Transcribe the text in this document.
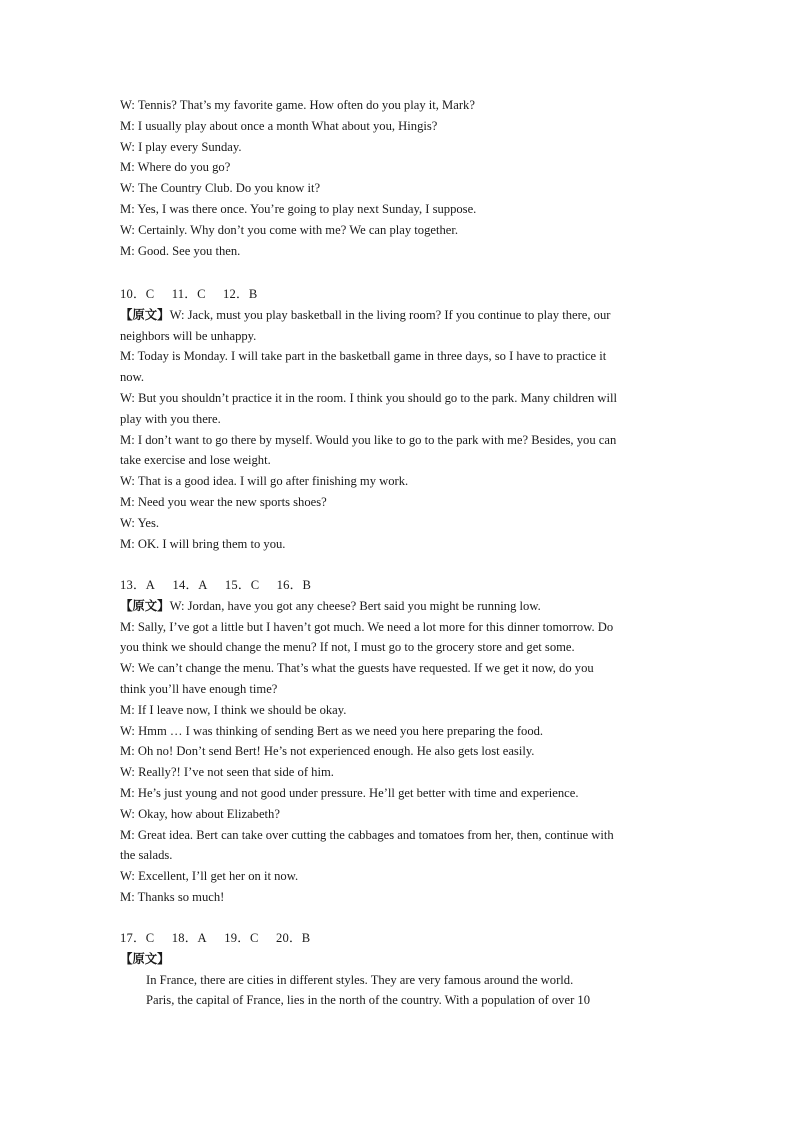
W: Tennis? That’s my favorite game. How often do you play it, Mark?
M: I usually play about once a month What about you, Hingis?
W: I play every Sunday.
M: Where do you go?
W: The Country Club. Do you know it?
M: Yes, I was there once. You’re going to play next Sunday, I suppose.
W: Certainly. Why don’t you come with me? We can play together.
M: Good. See you then.
10．C 11．C 12．B
【原文】W: Jack, must you play basketball in the living room? If you continue to play there, our
neighbors will be unhappy.
M: Today is Monday. I will take part in the basketball game in three days, so I have to practice it
now.
W: But you shouldn’t practice it in the room. I think you should go to the park. Many children will
play with you there.
M: I don’t want to go there by myself. Would you like to go to the park with me? Besides, you can
take exercise and lose weight.
W: That is a good idea. I will go after finishing my work.
M: Need you wear the new sports shoes?
W: Yes.
M: OK. I will bring them to you.
13．A 14．A 15．C 16．B
【原文】W: Jordan, have you got any cheese? Bert said you might be running low.
M: Sally, I’ve got a little but I haven’t got much. We need a lot more for this dinner tomorrow. Do
you think we should change the menu? If not, I must go to the grocery store and get some.
W: We can’t change the menu. That’s what the guests have requested. If we get it now, do you
think you’ll have enough time?
M: If I leave now, I think we should be okay.
W: Hmm … I was thinking of sending Bert as we need you here preparing the food.
M: Oh no! Don’t send Bert! He’s not experienced enough. He also gets lost easily.
W: Really?! I’ve not seen that side of him.
M: He’s just young and not good under pressure. He’ll get better with time and experience.
W: Okay, how about Elizabeth?
M: Great idea. Bert can take over cutting the cabbages and tomatoes from her, then, continue with
the salads.
W: Excellent, I’ll get her on it now.
M: Thanks so much!
17．C 18．A 19．C 20．B
【原文】
In France, there are cities in different styles. They are very famous around the world.
Paris, the capital of France, lies in the north of the country. With a population of over 10
